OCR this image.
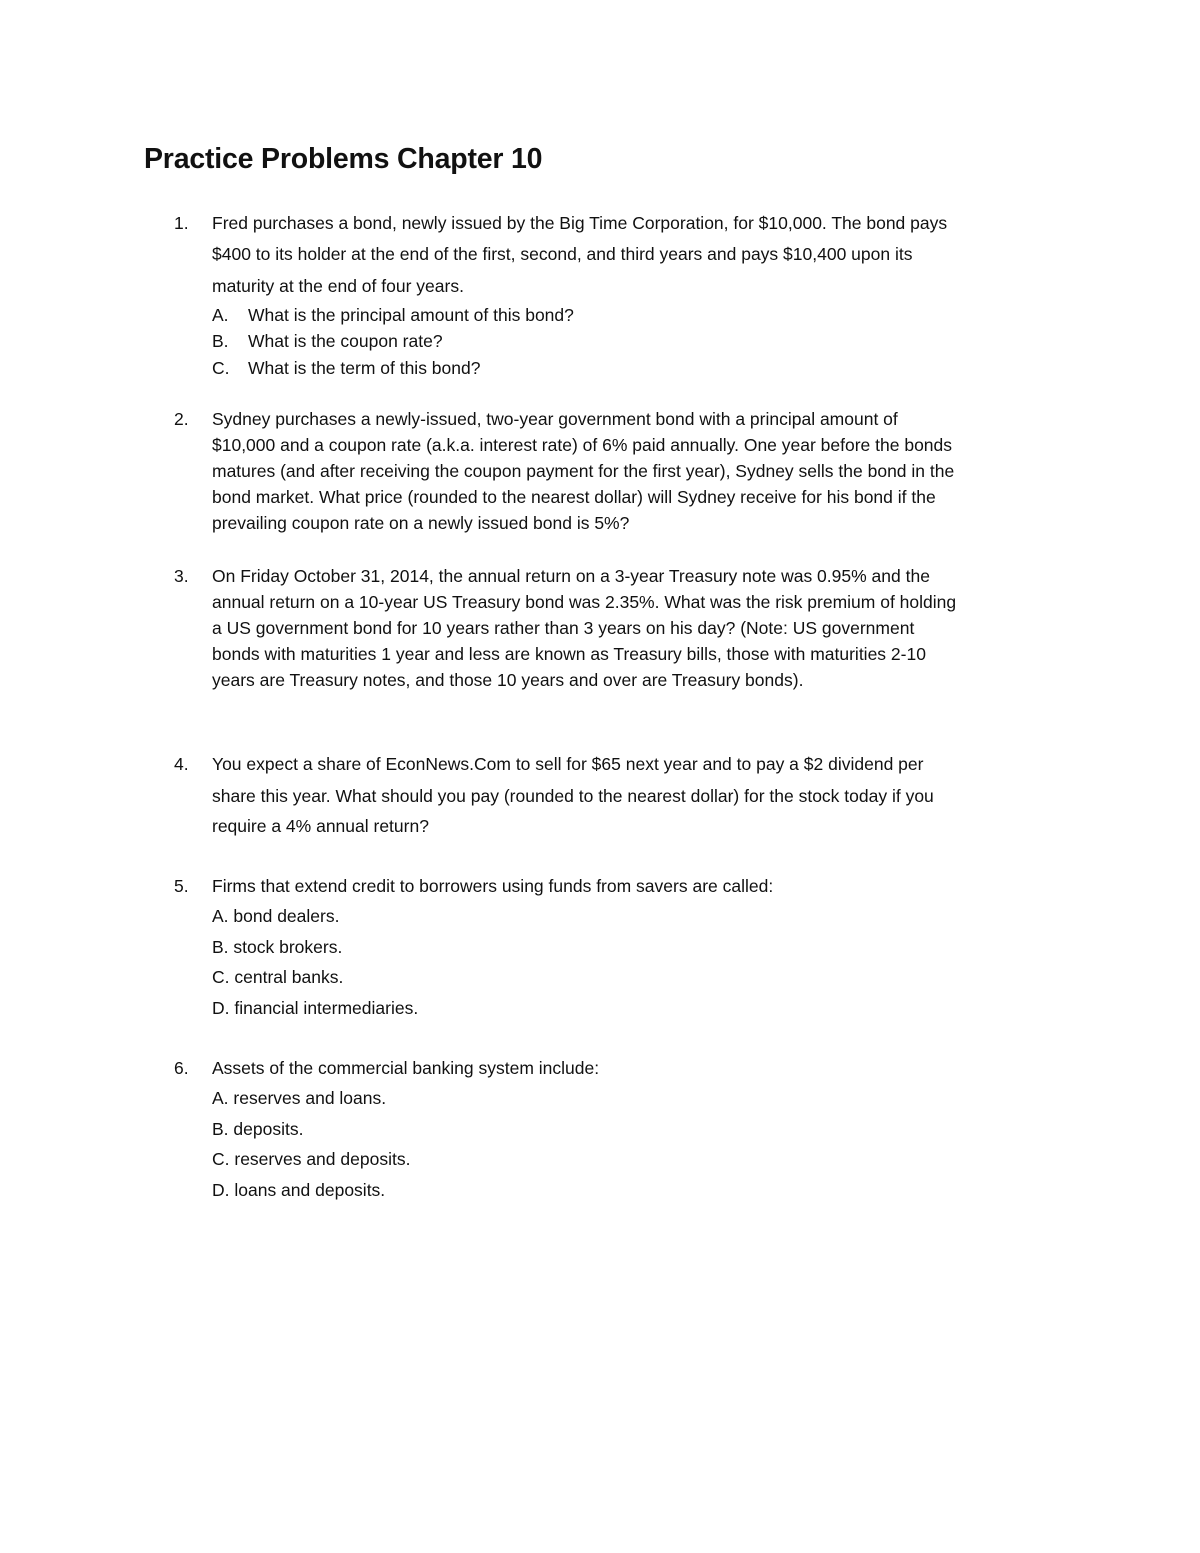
Practice Problems Chapter 10
1.	Fred purchases a bond, newly issued by the Big Time Corporation, for $10,000. The bond pays
$400 to its holder at the end of the first, second, and third years and pays $10,400 upon its
maturity at the end of four years.
A. What is the principal amount of this bond?
B. What is the coupon rate?
C. What is the term of this bond?
2.	Sydney purchases a newly-issued, two-year government bond with a principal amount of
$10,000 and a coupon rate (a.k.a. interest rate) of 6% paid annually. One year before the bonds
matures (and after receiving the coupon payment for the first year), Sydney sells the bond in the
bond market. What price (rounded to the nearest dollar) will Sydney receive for his bond if the
prevailing coupon rate on a newly issued bond is 5%?
3.	On Friday October 31, 2014, the annual return on a 3-year Treasury note was 0.95% and the
annual return on a 10-year US Treasury bond was 2.35%. What was the risk premium of holding
a US government bond for 10 years rather than 3 years on his day? (Note: US government
bonds with maturities 1 year and less are known as Treasury bills, those with maturities 2-10
years are Treasury notes, and those 10 years and over are Treasury bonds).
4.	You expect a share of EconNews.Com to sell for $65 next year and to pay a $2 dividend per
share this year. What should you pay (rounded to the nearest dollar) for the stock today if you
require a 4% annual return?
5.	Firms that extend credit to borrowers using funds from savers are called:
A. bond dealers.
B. stock brokers.
C. central banks.
D. financial intermediaries.
6.	Assets of the commercial banking system include:
A. reserves and loans.
B. deposits.
C. reserves and deposits.
D. loans and deposits.
